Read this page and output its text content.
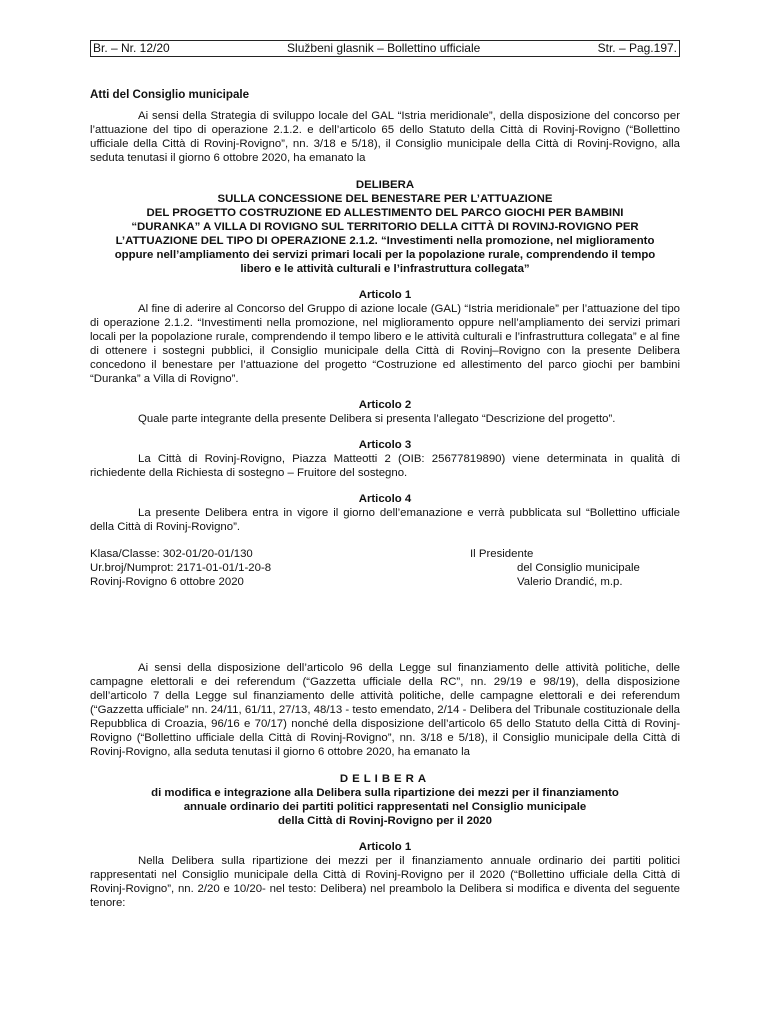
Br. – Nr. 12/20	Službeni glasnik – Bollettino ufficiale	Str. – Pag.197.
Atti del Consiglio municipale

Ai sensi della Strategia di sviluppo locale del GAL “Istria meridionale”, della disposizione del concorso per l’attuazione del tipo di operazione 2.1.2. e dell’articolo 65 dello Statuto della Città di Rovinj-Rovigno (“Bollettino ufficiale della Città di Rovinj-Rovigno”, nn. 3/18 e 5/18), il Consiglio municipale della Città di Rovinj-Rovigno, alla seduta tenutasi il giorno 6 ottobre 2020, ha emanato la

DELIBERA
SULLA CONCESSIONE DEL BENESTARE PER L’ATTUAZIONE
DEL PROGETTO COSTRUZIONE ED ALLESTIMENTO DEL PARCO GIOCHI PER BAMBINI
“DURANKA” A VILLA DI ROVIGNO SUL TERRITORIO DELLA CITTÀ DI ROVINJ-ROVIGNO PER
L’ATTUAZIONE DEL TIPO DI OPERAZIONE 2.1.2. “Investimenti nella promozione, nel miglioramento
oppure nell’ampliamento dei servizi primari locali per la popolazione rurale, comprendendo il tempo
libero e le attività culturali e l’infrastruttura collegata”
Articolo 1

Al fine di aderire al Concorso del Gruppo di azione locale (GAL) “Istria meridionale” per l’attuazione del tipo di operazione 2.1.2. “Investimenti nella promozione, nel miglioramento oppure nell’ampliamento dei servizi primari locali per la popolazione rurale, comprendendo il tempo libero e le attività culturali e l’infrastruttura collegata” e al fine di ottenere i sostegni pubblici, il Consiglio municipale della Città di Rovinj–Rovigno con la presente Delibera concedono il benestare per l’attuazione del progetto “Costruzione ed allestimento del parco giochi per bambini “Duranka” a Villa di Rovigno”.

Articolo 2

Quale parte integrante della presente Delibera si presenta l’allegato “Descrizione del progetto”.

Articolo 3

La Città di Rovinj-Rovigno, Piazza Matteotti 2 (OIB: 25677819890) viene determinata in qualità di richiedente della Richiesta di sostegno – Fruitore del sostegno.

Articolo 4

La presente Delibera entra in vigore il giorno dell’emanazione e verrà pubblicata sul “Bollettino ufficiale della Città di Rovinj-Rovigno”.

Klasa/Classe: 302-01/20-01/130
Ur.broj/Numprot: 2171-01-01/1-20-8
Rovinj-Rovigno 6 ottobre 2020
Il Presidente
del Consiglio municipale
Valerio Drandić, m.p.

Ai sensi della disposizione dell’articolo 96 della Legge sul finanziamento delle attività politiche, delle campagne elettorali e dei referendum (“Gazzetta ufficiale della RC”, nn. 29/19 e 98/19), della disposizione dell’articolo 7 della Legge sul finanziamento delle attività politiche, delle campagne elettorali e dei referendum (“Gazzetta ufficiale” nn. 24/11, 61/11, 27/13, 48/13 - testo emendato, 2/14 - Delibera del Tribunale costituzionale della Repubblica di Croazia, 96/16 e 70/17) nonché della disposizione dell’articolo 65 dello Statuto della Città di Rovinj-Rovigno (“Bollettino ufficiale della Città di Rovinj-Rovigno”, nn. 3/18 e 5/18), il Consiglio municipale della Città di Rovinj-Rovigno, alla seduta tenutasi il giorno 6 ottobre 2020, ha emanato la

DELIBERA
di modifica e integrazione alla Delibera sulla ripartizione dei mezzi per il finanziamento
annuale ordinario dei partiti politici rappresentati nel Consiglio municipale
della Città di Rovinj-Rovigno per il 2020
Articolo 1

Nella Delibera sulla ripartizione dei mezzi per il finanziamento annuale ordinario dei partiti politici rappresentati nel Consiglio municipale della Città di Rovinj-Rovigno per il 2020 (“Bollettino ufficiale della Città di Rovinj-Rovigno”, nn. 2/20 e 10/20- nel testo: Delibera) nel preambolo la Delibera si modifica e diventa del seguente tenore:
